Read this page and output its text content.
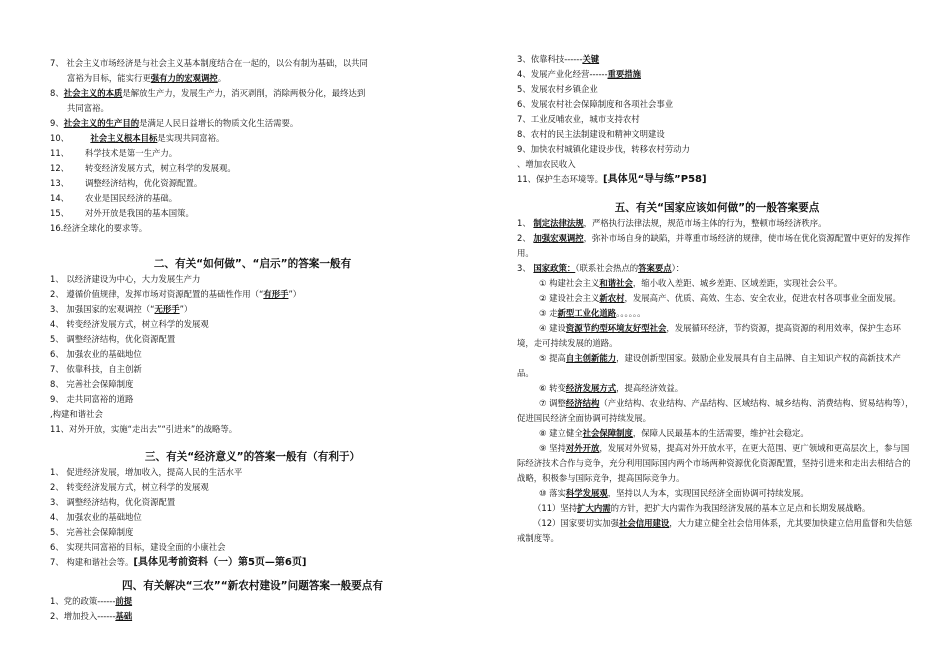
7、 社会主义市场经济是与社会主义基本制度结合在一起的，以公有制为基础，以共同
富裕为目标，能实行更强有力的宏观调控。
8、社会主义的本质是解放生产力，发展生产力，消灭剥削，消除两极分化，最终达到
共同富裕。
9、社会主义的生产目的是满足人民日益增长的物质文化生活需要。
10、        社会主义根本目标是实现共同富裕。
11、      科学技术是第一生产力。
12、      转变经济发展方式，树立科学的发展观。
13、      调整经济结构，优化资源配置。
14、      农业是国民经济的基础。
15、      对外开放是我国的基本国策。
16.经济全球化的要求等。
二、有关“如何做”、“启示”的答案一般有
1、 以经济建设为中心，大力发展生产力
2、 遵循价值规律，发挥市场对资源配置的基础性作用（“有形手”）
3、 加强国家的宏观调控（“无形手”）
4、 转变经济发展方式，树立科学的发展观
5、 调整经济结构，优化资源配置
6、 加强农业的基础地位
7、 依靠科技，自主创新
8、 完善社会保障制度
9、 走共同富裕的道路
,构建和谐社会
11、对外开放，实施“走出去”“引进来”的战略等。
三、有关“经济意义”的答案一般有（有利于）
1、 促进经济发展，增加收入，提高人民的生活水平
2、 转变经济发展方式，树立科学的发展观
3、 调整经济结构，优化资源配置
4、 加强农业的基础地位
5、 完善社会保障制度
6、 实现共同富裕的目标，建设全面的小康社会
7、 构建和谐社会等。[具体见考前资料（一）第5页—第6页]
四、有关解决“三农”“新农村建设”问题答案一般要点有
1、党的政策------前提
2、增加投入------基础
3、依靠科技------关键
4、发展产业化经营------重要措施
5、发展农村乡镇企业
6、发展农村社会保障制度和各项社会事业
7、工业反哺农业，城市支持农村
8、农村的民主法制建设和精神文明建设
9、加快农村城镇化建设步伐，转移农村劳动力
、增加农民收入
11、保护生态环境等。[具体见“导与练”P58]
五、有关“国家应该如何做”的一般答案要点
1、 制定法律法规，严格执行法律法规，规范市场主体的行为，整顿市场经济秩序。
2、 加强宏观调控，弥补市场自身的缺陷，并尊重市场经济的规律，使市场在优化资源配置中更好的发挥作用。
3、 国家政策：（联系社会热点的答案要点）：
① 构建社会主义和谐社会，缩小收入差距、城乡差距、区域差距，实现社会公平。
② 建设社会主义新农村，发展高产、优质、高效、生态、安全农业，促进农村各项事业全面发展。
③ 走新型工业化道路。。。。。。
④ 建设资源节约型环境友好型社会，发展循环经济，节约资源，提高资源的利用效率，保护生态环境，走可持续发展的道路。
⑤ 提高自主创新能力，建设创新型国家。鼓励企业发展具有自主品牌、自主知识产权的高新技术产品。
⑥ 转变经济发展方式，提高经济效益。
⑦ 调整经济结构（产业结构、农业结构、产品结构、区域结构、城乡结构、消费结构、贸易结构等），促进国民经济全面协调可持续发展。
⑧ 建立健全社会保障制度，保障人民最基本的生活需要，维护社会稳定。
⑨ 坚持对外开放，发展对外贸易，提高对外开放水平，在更大范围、更广领域和更高层次上，参与国际经济技术合作与竞争，充分利用国际国内两个市场两种资源优化资源配置，坚持引进来和走出去相结合的战略，积极参与国际竞争，提高国际竞争力。
⑩ 落实科学发展观，坚持以人为本，实现国民经济全面协调可持续发展。
（11）坚持扩大内需的方针，把扩大内需作为我国经济发展的基本立足点和长期发展战略。
（12）国家要切实加强社会信用建设，大力建立健全社会信用体系，尤其要加快建立信用监督和失信惩戒制度等。
